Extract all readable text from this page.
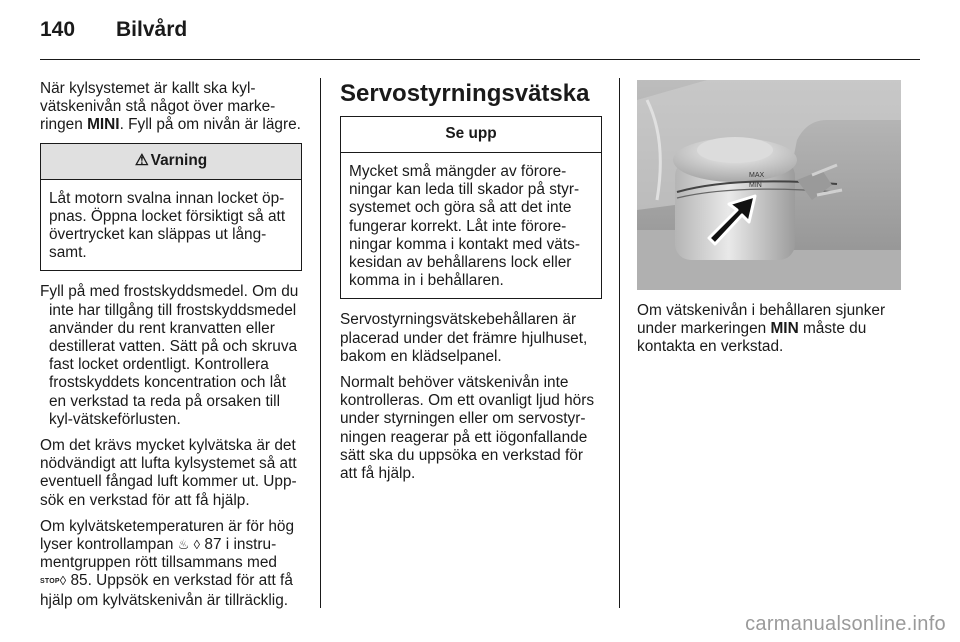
140 Bilvård

När kylsystemet är kallt ska kyl-vätskenivån stå något över marke-ringen MINI. Fyll på om nivån är lägre.

⚠ Varning
Låt motorn svalna innan locket öp-pnas. Öppna locket försiktigt så att övertrycket kan släppas ut lång-samt.

Fyll på med frostskyddsmedel. Om du inte har tillgång till frostskyddsmedel använder du rent kranvatten eller destillerat vatten. Sätt på och skruva fast locket ordentligt. Kontrollera frostskyddets koncentration och låt en verkstad ta reda på orsaken till kyl-vätskeförlusten.

Om det krävs mycket kylvätska är det nödvändigt att lufta kylsystemet så att eventuell fångad luft kommer ut. Upp-sök en verkstad för att få hjälp.

Om kylvätsketemperaturen är för hög lyser kontrollampan ♨ ◊ 87 i instru-mentgruppen rött tillsammans med STOP◊ 85. Uppsök en verkstad för att få hjälp om kylvätskenivån är tillräcklig.

Servostyrningsvätska
Se upp
Mycket små mängder av förore-ningar kan leda till skador på styr-systemet och göra så att det inte fungerar korrekt. Låt inte förore-ningar komma i kontakt med väts-kesidan av behållarens lock eller komma in i behållaren.

Servostyrningsvätskebehållaren är placerad under det främre hjulhuset, bakom en klädselpanel.

Normalt behöver vätskenivån inte kontrolleras. Om ett ovanligt ljud hörs under styrningen eller om servostyr-ningen reagerar på ett iögonfallande sätt ska du uppsöka en verkstad för att få hjälp.

MAX
MIN

Om vätskenivån i behållaren sjunker under markeringen MIN måste du kontakta en verkstad.

carmanualsonline.info
